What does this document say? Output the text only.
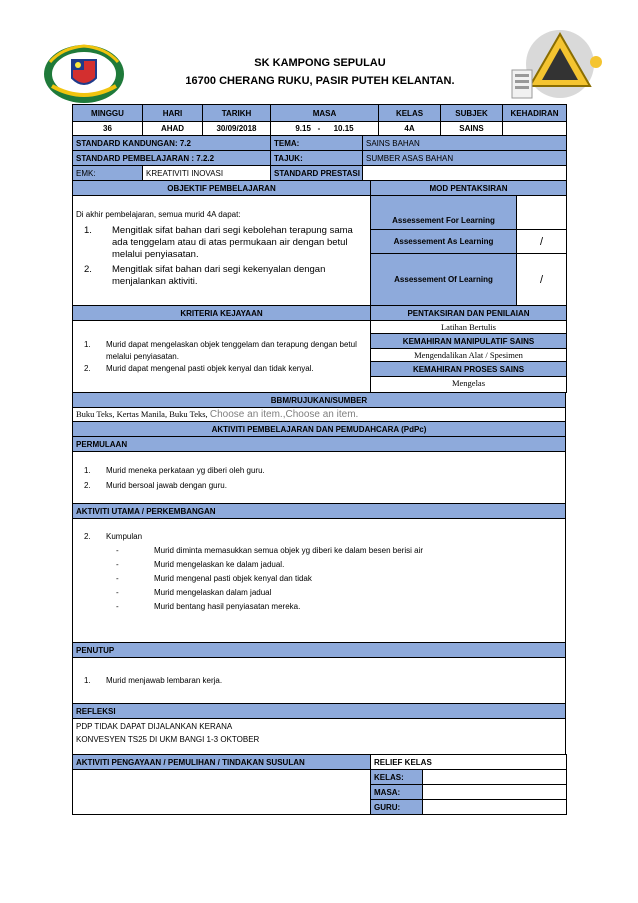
SK KAMPONG SEPULAU
16700 CHERANG RUKU, PASIR PUTEH KELANTAN.
MINGGU	HARI	TARIKH	MASA	KELAS	SUBJEK	KEHADIRAN
36	AHAD	30/09/2018	9.15   -      10.15	4A	SAINS	
STANDARD KANDUNGAN: 7.2		TEMA:	SAINS BAHAN
STANDARD PEMBELAJARAN : 7.2.2		TAJUK:	SUMBER ASAS BAHAN
EMK:	KREATIVITI INOVASI	STANDARD PRESTASI	
OBJEKTIF PEMBELAJARAN	MOD PENTAKSIRAN	

Di akhir pembelajaran, semua murid 4A dapat:
1. Mengitlak sifat bahan dari segi kebolehan terapung sama ada tenggelam atau di atas permukaan air dengan betul melalui penyiasatan.
2. Mengitlak sifat bahan dari segi kekenyalan dengan menjalankan aktiviti.	Assessement For Learning	
	Assessement As Learning	/
	Assessement Of Learning	/
KRITERIA KEJAYAAN	PENTAKSIRAN DAN PENILAIAN

1. Murid dapat mengelaskan objek tenggelam dan terapung dengan betul melalui penyiasatan.
2. Murid dapat mengenal pasti objek kenyal dan tidak kenyal.	Latihan Bertulis
	KEMAHIRAN MANIPULATIF SAINS
	Mengendalikan Alat / Spesimen
	KEMAHIRAN PROSES SAINS
	Mengelas
BBM/RUJUKAN/SUMBER
Buku Teks, Kertas Manila, Buku Teks, Choose an item.,Choose an item.
AKTIVITI PEMBELAJARAN DAN PEMUDAHCARA (PdPc)
PERMULAAN

1.	Murid meneka perkataan yg diberi oleh guru.
2.	Murid bersoal jawab dengan guru.
AKTIVITI UTAMA / PERKEMBANGAN

2.	Kumpulan
-	Murid diminta memasukkan semua objek yg diberi ke dalam besen berisi air
-	Murid mengelaskan ke dalam jadual.
-	Murid mengenal pasti objek kenyal dan tidak
-	Murid mengelaskan dalam jadual
-	Murid bentang hasil penyiasatan mereka.
PENUTUP

1.	Murid menjawab lembaran kerja.
REFLEKSI

PDP TIDAK DAPAT DIJALANKAN KERANA
KONVESYEN TS25 DI UKM BANGI 1-3 OKTOBER
AKTIVITI PENGAYAAN / PEMULIHAN / TINDAKAN SUSULAN	RELIEF KELAS	
	KELAS:	
	MASA:	
	GURU:	
